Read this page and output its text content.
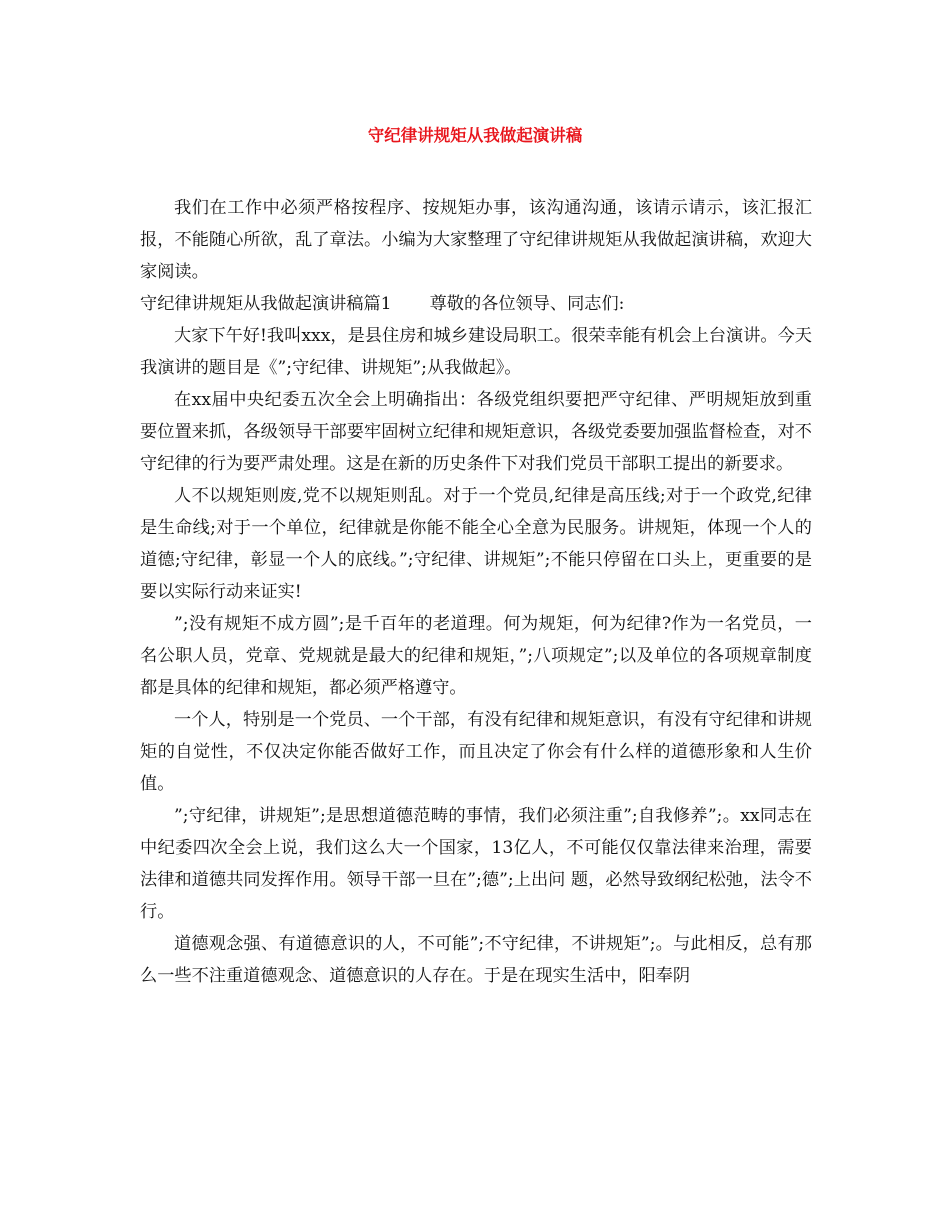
守纪律讲规矩从我做起演讲稿

我们在工作中必须严格按程序、按规矩办事，该沟通沟通，该请示请示，该汇报汇报，不能随心所欲，乱了章法。小编为大家整理了守纪律讲规矩从我做起演讲稿，欢迎大家阅读。

守纪律讲规矩从我做起演讲稿篇1 尊敬的各位领导、同志们:

大家下午好!我叫xxx，是县住房和城乡建设局职工。很荣幸能有机会上台演讲。今天我演讲的题目是《”;守纪律、讲规矩”;从我做起》。

在xx届中央纪委五次全会上明确指出：各级党组织要把严守纪律、严明规矩放到重要位置来抓，各级领导干部要牢固树立纪律和规矩意识，各级党委要加强监督检查，对不守纪律的行为要严肃处理。这是在新的历史条件下对我们党员干部职工提出的新要求。

人不以规矩则废,党不以规矩则乱。对于一个党员,纪律是高压线;对于一个政党,纪律是生命线;对于一个单位，纪律就是你能不能全心全意为民服务。讲规矩，体现一个人的道德;守纪律，彰显一个人的底线。”;守纪律、讲规矩”;不能只停留在口头上，更重要的是要以实际行动来证实!

”;没有规矩不成方圆”;是千百年的老道理。何为规矩，何为纪律?作为一名党员，一名公职人员，党章、党规就是最大的纪律和规矩，”;八项规定”;以及单位的各项规章制度都是具体的纪律和规矩，都必须严格遵守。

一个人，特别是一个党员、一个干部，有没有纪律和规矩意识，有没有守纪律和讲规矩的自觉性，不仅决定你能否做好工作，而且决定了你会有什么样的道德形象和人生价值。

”;守纪律，讲规矩”;是思想道德范畴的事情，我们必须注重”;自我修养”;。xx同志在中纪委四次全会上说，我们这么大一个国家，13亿人，不可能仅仅靠法律来治理，需要法律和道德共同发挥作用。领导干部一旦在”;德”;上出问 题，必然导致纲纪松弛，法令不行。

道德观念强、有道德意识的人，不可能”;不守纪律，不讲规矩”;。与此相反，总有那么一些不注重道德观念、道德意识的人存在。于是在现实生活中，阳奉阴
